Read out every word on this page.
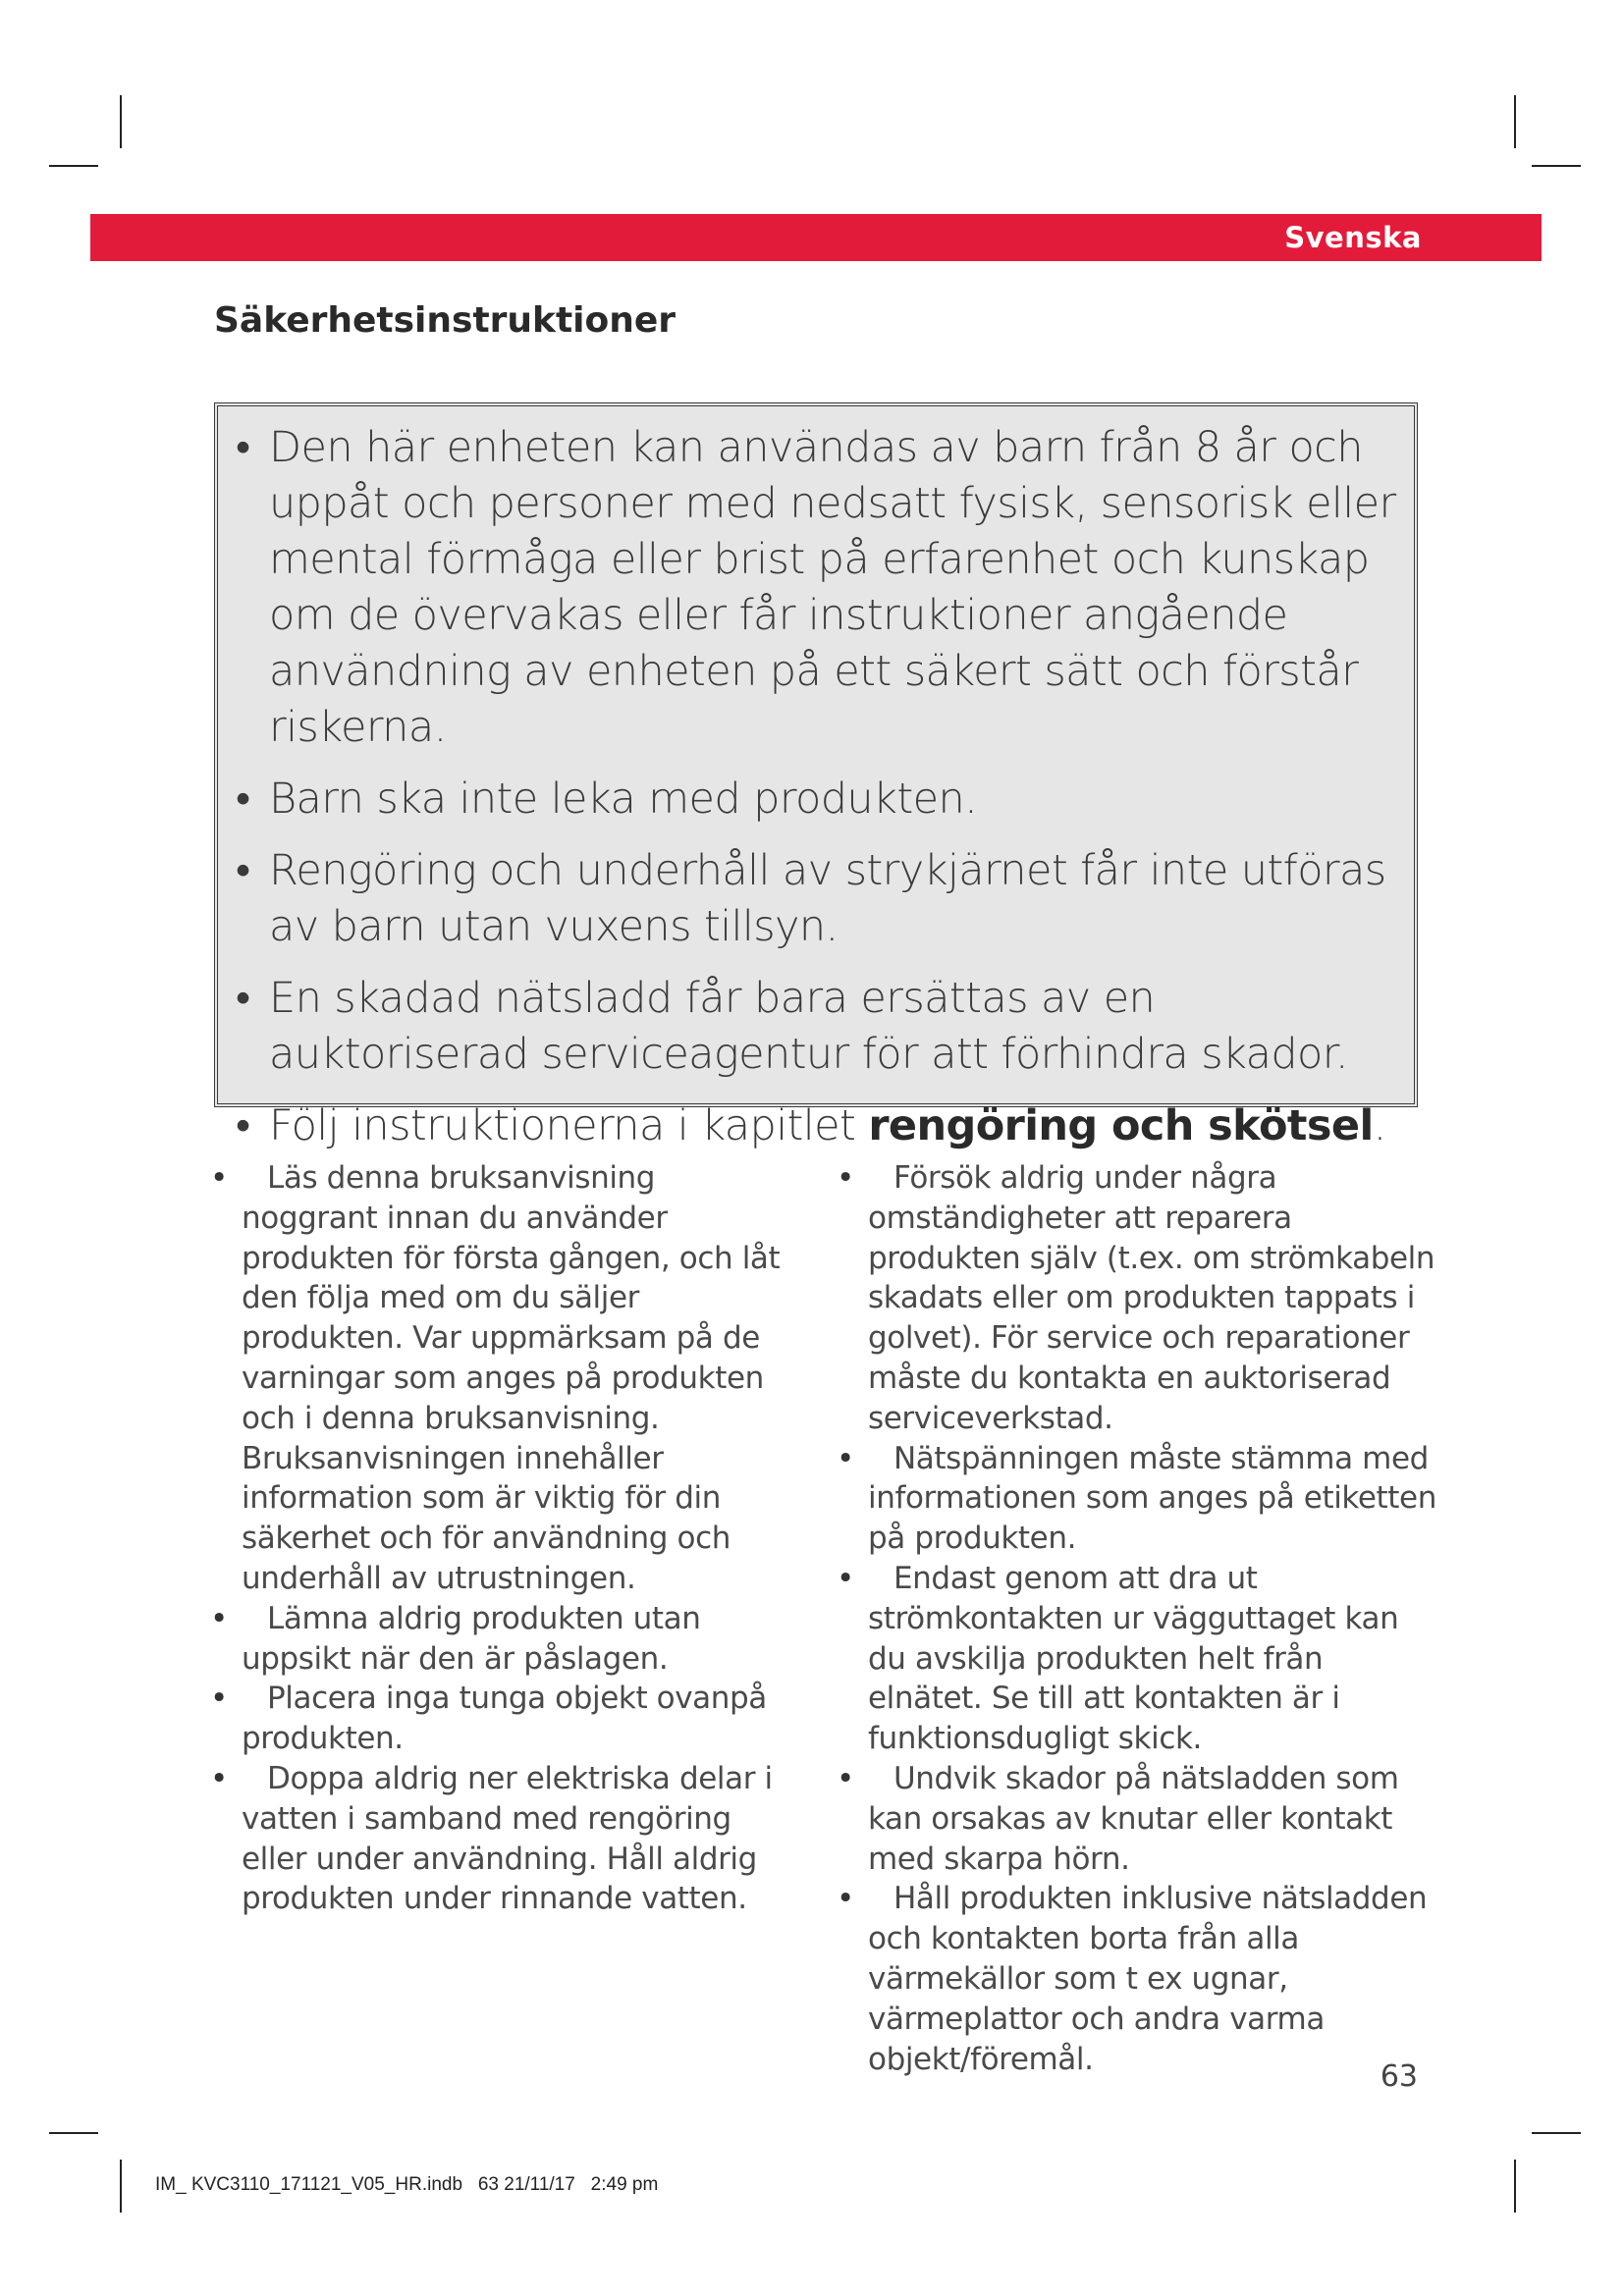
Svenska
Säkerhetsinstruktioner
• Den här enheten kan användas av barn från 8 år och uppåt och personer med nedsatt fysisk, sensorisk eller mental förmåga eller brist på erfarenhet och kunskap om de övervakas eller får instruktioner angående användning av enheten på ett säkert sätt och förstår riskerna.
• Barn ska inte leka med produkten.
• Rengöring och underhåll av strykjärnet får inte utföras av barn utan vuxens tillsyn.
• En skadad nätsladd får bara ersättas av en auktoriserad serviceagentur för att förhindra skador.
• Följ instruktionerna i kapitlet rengöring och skötsel.
• Läs denna bruksanvisning noggrant innan du använder produkten för första gången, och låt den följa med om du säljer produkten. Var uppmärksam på de varningar som anges på produkten och i denna bruksanvisning. Bruksanvisningen innehåller information som är viktig för din säkerhet och för användning och underhåll av utrustningen.
• Lämna aldrig produkten utan uppsikt när den är påslagen.
• Placera inga tunga objekt ovanpå produkten.
• Doppa aldrig ner elektriska delar i vatten i samband med rengöring eller under användning. Håll aldrig produkten under rinnande vatten.
• Försök aldrig under några omständigheter att reparera produkten själv (t.ex. om strömkabeln skadats eller om produkten tappats i golvet). För service och reparationer måste du kontakta en auktoriserad serviceverkstad.
• Nätspänningen måste stämma med informationen som anges på etiketten på produkten.
• Endast genom att dra ut strömkontakten ur vägguttaget kan du avskilja produkten helt från elnätet. Se till att kontakten är i funktionsdugligt skick.
• Undvik skador på nätsladden som kan orsakas av knutar eller kontakt med skarpa hörn.
• Håll produkten inklusive nätsladden och kontakten borta från alla värmekällor som t ex ugnar, värmeplattor och andra varma objekt/föremål.	63
IM_ KVC3110_171121_V05_HR.indb   63 21/11/17   2:49 pm
